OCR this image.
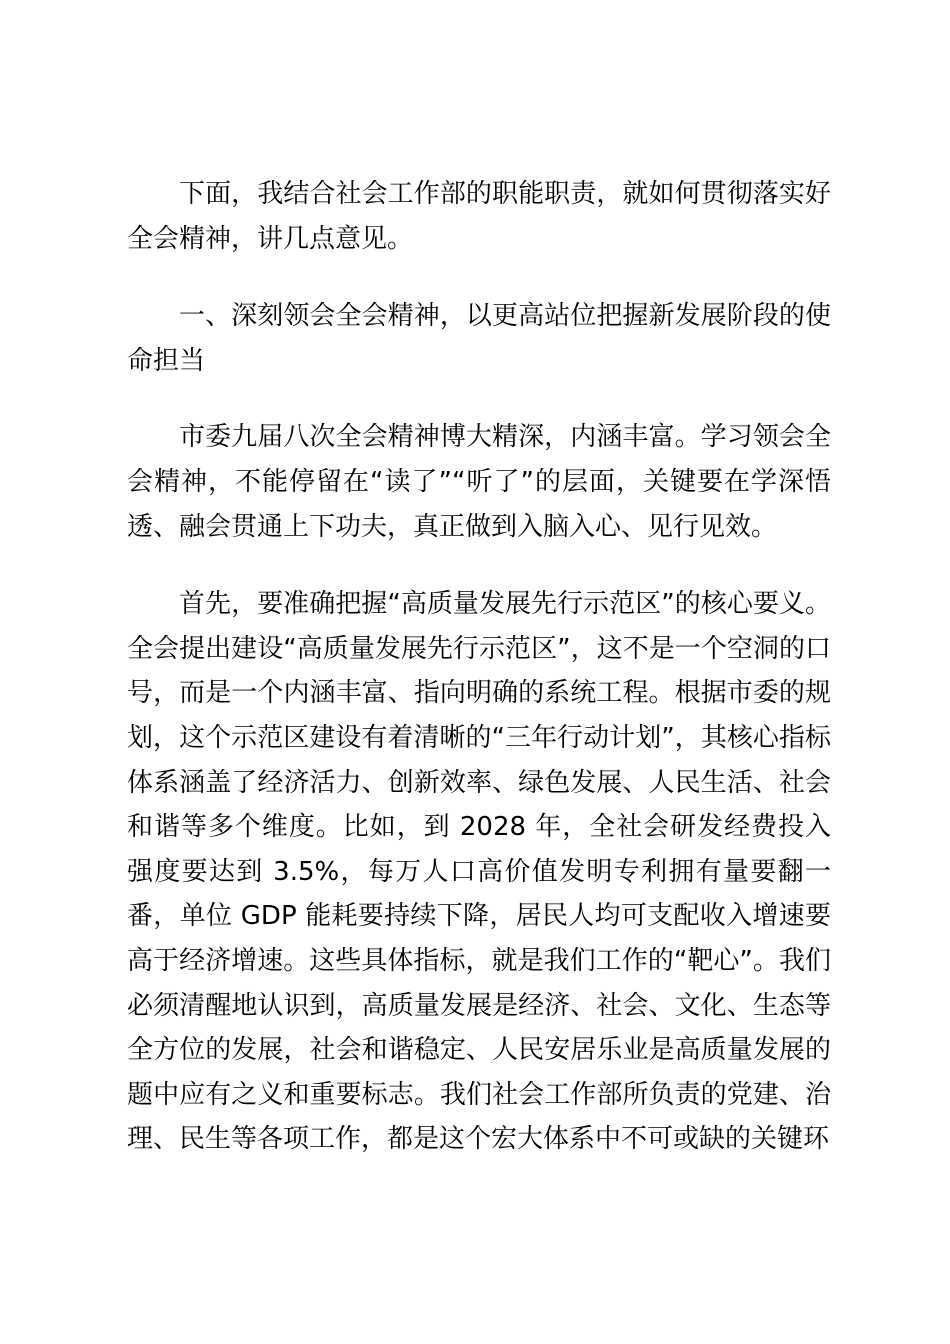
下面，我结合社会工作部的职能职责，就如何贯彻落实好全会精神，讲几点意见。

一、深刻领会全会精神，以更高站位把握新发展阶段的使命担当

市委九届八次全会精神博大精深，内涵丰富。学习领会全会精神，不能停留在“读了”“听了”的层面，关键要在学深悟透、融会贯通上下功夫，真正做到入脑入心、见行见效。

首先，要准确把握“高质量发展先行示范区”的核心要义。全会提出建设“高质量发展先行示范区”，这不是一个空洞的口号，而是一个内涵丰富、指向明确的系统工程。根据市委的规划，这个示范区建设有着清晰的“三年行动计划”，其核心指标体系涵盖了经济活力、创新效率、绿色发展、人民生活、社会和谐等多个维度。比如，到 2028 年，全社会研发经费投入强度要达到 3.5%，每万人口高价值发明专利拥有量要翻一番，单位 GDP 能耗要持续下降，居民人均可支配收入增速要高于经济增速。这些具体指标，就是我们工作的“靶心”。我们必须清醒地认识到，高质量发展是经济、社会、文化、生态等全方位的发展，社会和谐稳定、人民安居乐业是高质量发展的题中应有之义和重要标志。我们社会工作部所负责的党建、治理、民生等各项工作，都是这个宏大体系中不可或缺的关键环
